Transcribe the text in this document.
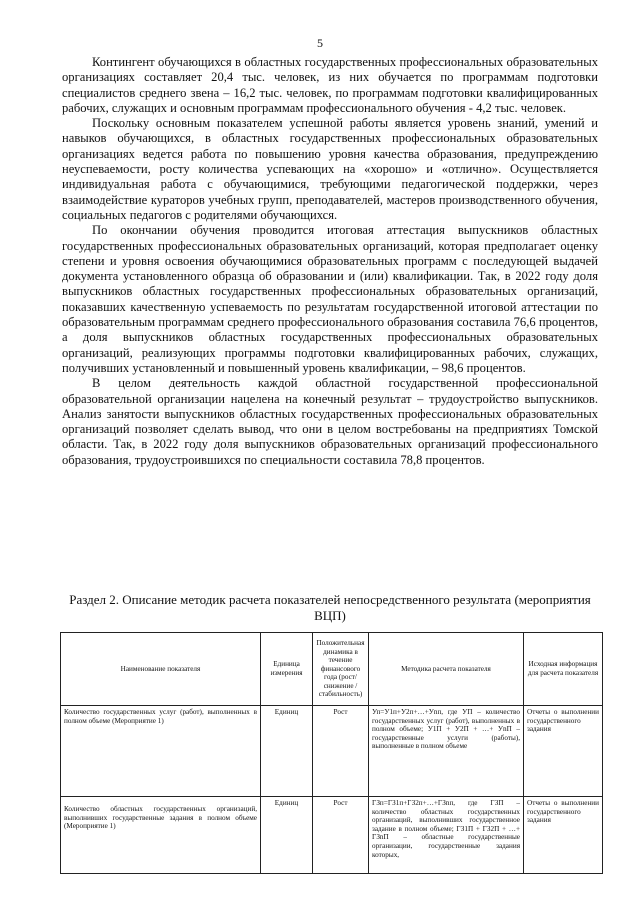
5

Контингент обучающихся в областных государственных профессиональных образовательных организациях составляет 20,4 тыс. человек, из них обучается по программам подготовки специалистов среднего звена – 16,2 тыс. человек, по программам подготовки квалифицированных рабочих, служащих и основным программам профессионального обучения - 4,2 тыс. человек.

Поскольку основным показателем успешной работы является уровень знаний, умений и навыков обучающихся, в областных государственных профессиональных образовательных организациях ведется работа по повышению уровня качества образования, предупреждению неуспеваемости, росту количества успевающих на «хорошо» и «отлично». Осуществляется индивидуальная работа с обучающимися, требующими педагогической поддержки, через взаимодействие кураторов учебных групп, преподавателей, мастеров производственного обучения, социальных педагогов с родителями обучающихся.

По окончании обучения проводится итоговая аттестация выпускников областных государственных профессиональных образовательных организаций, которая предполагает оценку степени и уровня освоения обучающимися образовательных программ с последующей выдачей документа установленного образца об образовании и (или) квалификации. Так, в 2022 году доля выпускников областных государственных профессиональных образовательных организаций, показавших качественную успеваемость по результатам государственной итоговой аттестации по образовательным программам среднего профессионального образования составила 76,6 процентов, а доля выпускников областных государственных профессиональных образовательных организаций, реализующих программы подготовки квалифицированных рабочих, служащих, получивших установленный и повышенный уровень квалификации, – 98,6 процентов.

В целом деятельность каждой областной государственной профессиональной образовательной организации нацелена на конечный результат – трудоустройство выпускников. Анализ занятости выпускников областных государственных профессиональных образовательных организаций позволяет сделать вывод, что они в целом востребованы на предприятиях Томской области. Так, в 2022 году доля выпускников образовательных организаций профессионального образования, трудоустроившихся по специальности составила 78,8 процентов.

Раздел 2. Описание методик расчета показателей непосредственного результата (мероприятия ВЦП)
Наименование показателя	Единица измерения	Положительная динамика в течение финансового года (рост/снижение /стабильность)	Методика расчета показателя	Исходная информация для расчета показателя
Количество государственных услуг (работ), выполненных в полном объеме (Мероприятие 1)	Единиц	Рост	Уп=У1п+У2п+…+Уnп, где УП – количество государственных услуг (работ), выполненных в полном объеме; У1П + У2П + …+ УnП – государственные услуги (работы), выполненные в полном объеме	Отчеты о выполнении государственного задания
Количество областных государственных организаций, выполнивших государственные задания в полном объеме (Мероприятие 1)	Единиц	Рост	ГЗп=ГЗ1п+ГЗ2п+…+ГЗnп, где ГЗП – количество областных государственных организаций, выполнивших государственное задание в полном объеме; ГЗ1П + ГЗ2П + …+ ГЗnП – областные государственные организации, государственные задания которых,	Отчеты о выполнении государственного задания
